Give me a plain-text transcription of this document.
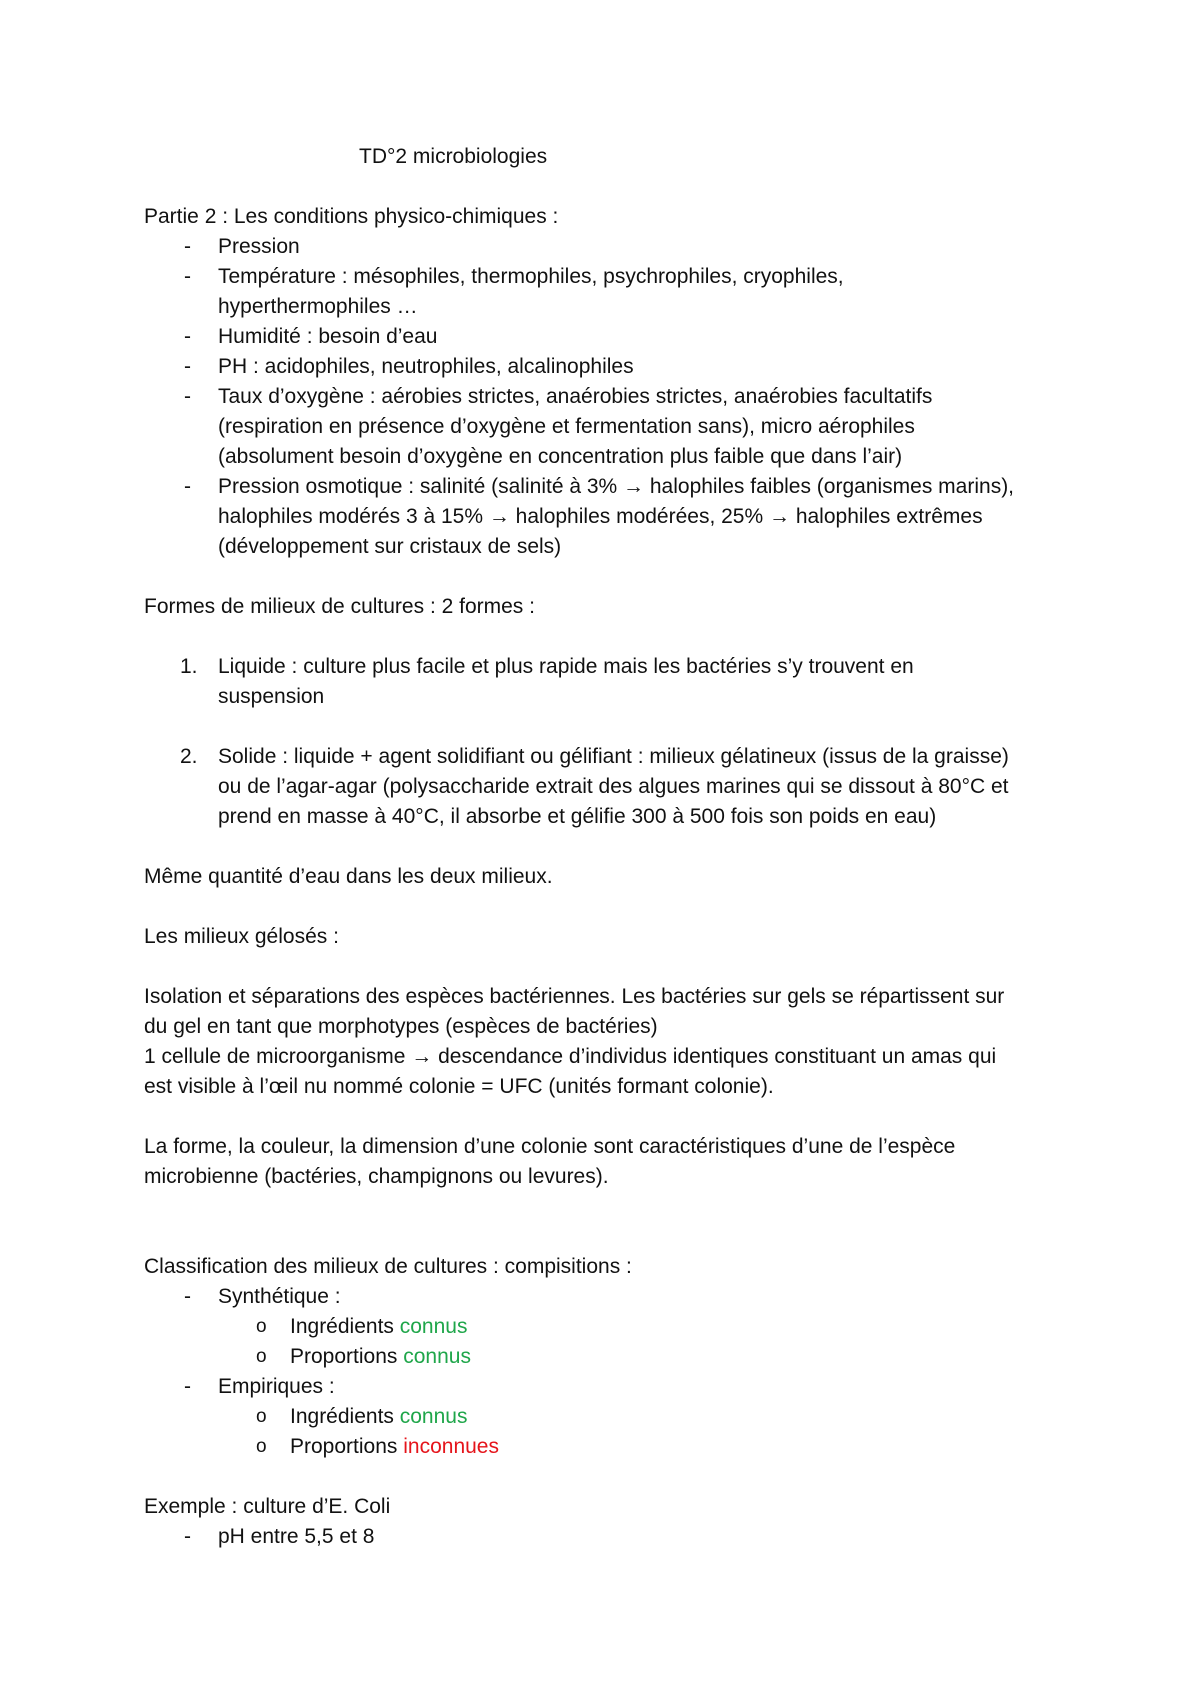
TD°2 microbiologies
Partie 2 : Les conditions physico-chimiques :
- Pression
- Température : mésophiles, thermophiles, psychrophiles, cryophiles,
hyperthermophiles …
- Humidité : besoin d’eau
- PH : acidophiles, neutrophiles, alcalinophiles
- Taux d’oxygène : aérobies strictes, anaérobies strictes, anaérobies facultatifs
(respiration en présence d’oxygène et fermentation sans), micro aérophiles
(absolument besoin d’oxygène en concentration plus faible que dans l’air)
- Pression osmotique : salinité (salinité à 3% → halophiles faibles (organismes marins),
halophiles modérés 3 à 15% → halophiles modérées, 25% → halophiles extrêmes
(développement sur cristaux de sels)
Formes de milieux de cultures : 2 formes :
1. Liquide : culture plus facile et plus rapide mais les bactéries s’y trouvent en
suspension
2. Solide : liquide + agent solidifiant ou gélifiant : milieux gélatineux (issus de la graisse)
ou de l’agar-agar (polysaccharide extrait des algues marines qui se dissout à 80°C et
prend en masse à 40°C, il absorbe et gélifie 300 à 500 fois son poids en eau)
Même quantité d’eau dans les deux milieux.
Les milieux gélosés :
Isolation et séparations des espèces bactériennes. Les bactéries sur gels se répartissent sur
du gel en tant que morphotypes (espèces de bactéries)
1 cellule de microorganisme → descendance d’individus identiques constituant un amas qui
est visible à l’œil nu nommé colonie = UFC (unités formant colonie).
La forme, la couleur, la dimension d’une colonie sont caractéristiques d’une de l’espèce
microbienne (bactéries, champignons ou levures).
Classification des milieux de cultures : compisitions :
- Synthétique :
o Ingrédients connus
o Proportions connus
- Empiriques :
o Ingrédients connus
o Proportions inconnues
Exemple : culture d’E. Coli
- pH entre 5,5 et 8
